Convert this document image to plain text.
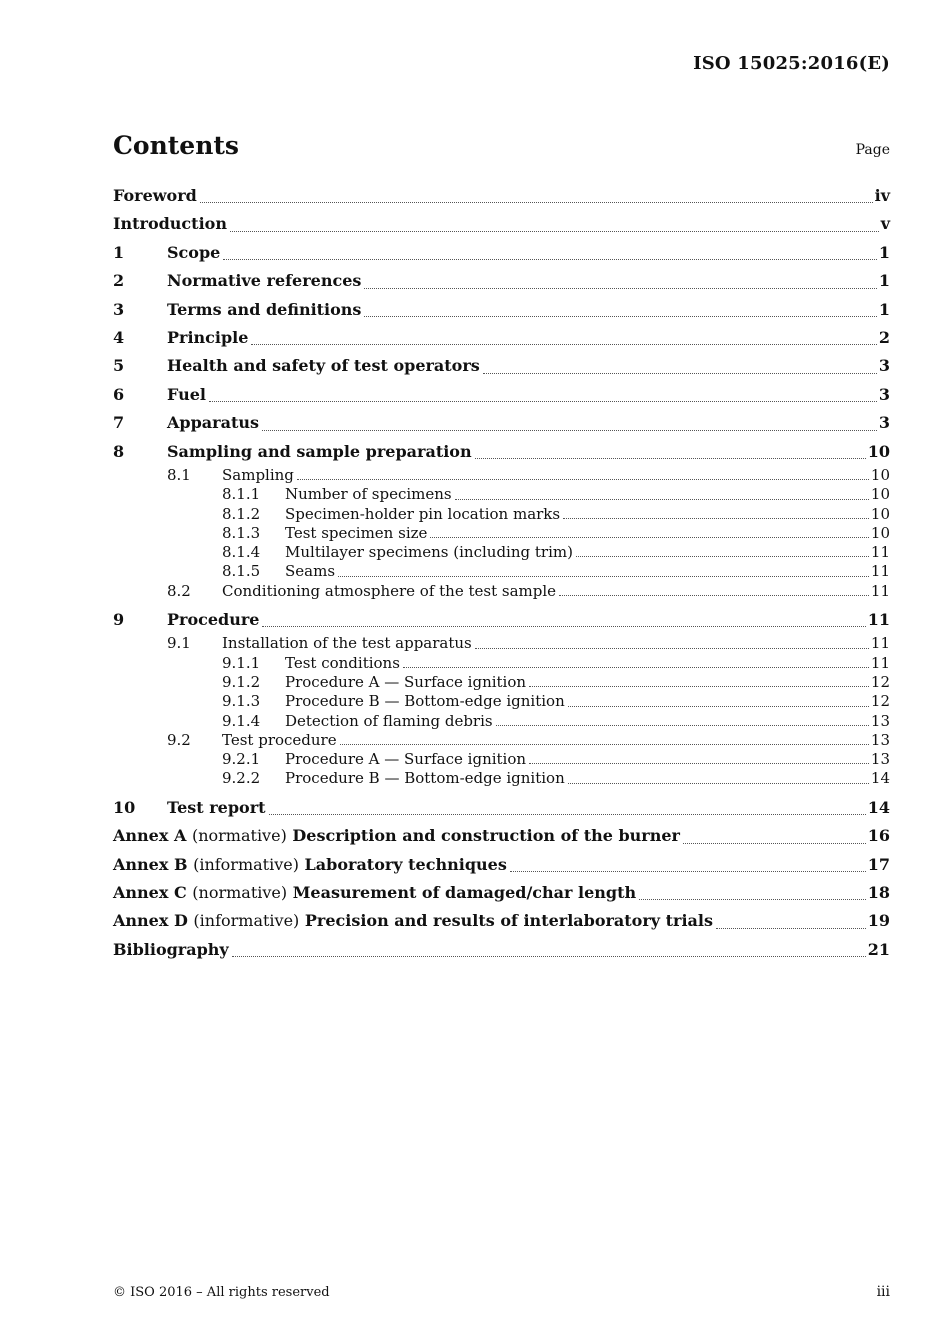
ISO 15025:2016(E)
Contents	Page
Foreword	iv
Introduction	v
1	Scope	1
2	Normative references	1
3	Terms and definitions	1
4	Principle	2
5	Health and safety of test operators	3
6	Fuel	3
7	Apparatus	3
8	Sampling and sample preparation	10
8.1	Sampling	10
8.1.1	Number of specimens	10
8.1.2	Specimen-holder pin location marks	10
8.1.3	Test specimen size	10
8.1.4	Multilayer specimens (including trim)	11
8.1.5	Seams	11
8.2	Conditioning atmosphere of the test sample	11
9	Procedure	11
9.1	Installation of the test apparatus	11
9.1.1	Test conditions	11
9.1.2	Procedure A — Surface ignition	12
9.1.3	Procedure B — Bottom-edge ignition	12
9.1.4	Detection of flaming debris	13
9.2	Test procedure	13
9.2.1	Procedure A — Surface ignition	13
9.2.2	Procedure B — Bottom-edge ignition	14
10	Test report	14
Annex A (normative) Description and construction of the burner	16
Annex B (informative) Laboratory techniques	17
Annex C (normative) Measurement of damaged/char length	18
Annex D (informative) Precision and results of interlaboratory trials	19
Bibliography	21
© ISO 2016 – All rights reserved	iii
